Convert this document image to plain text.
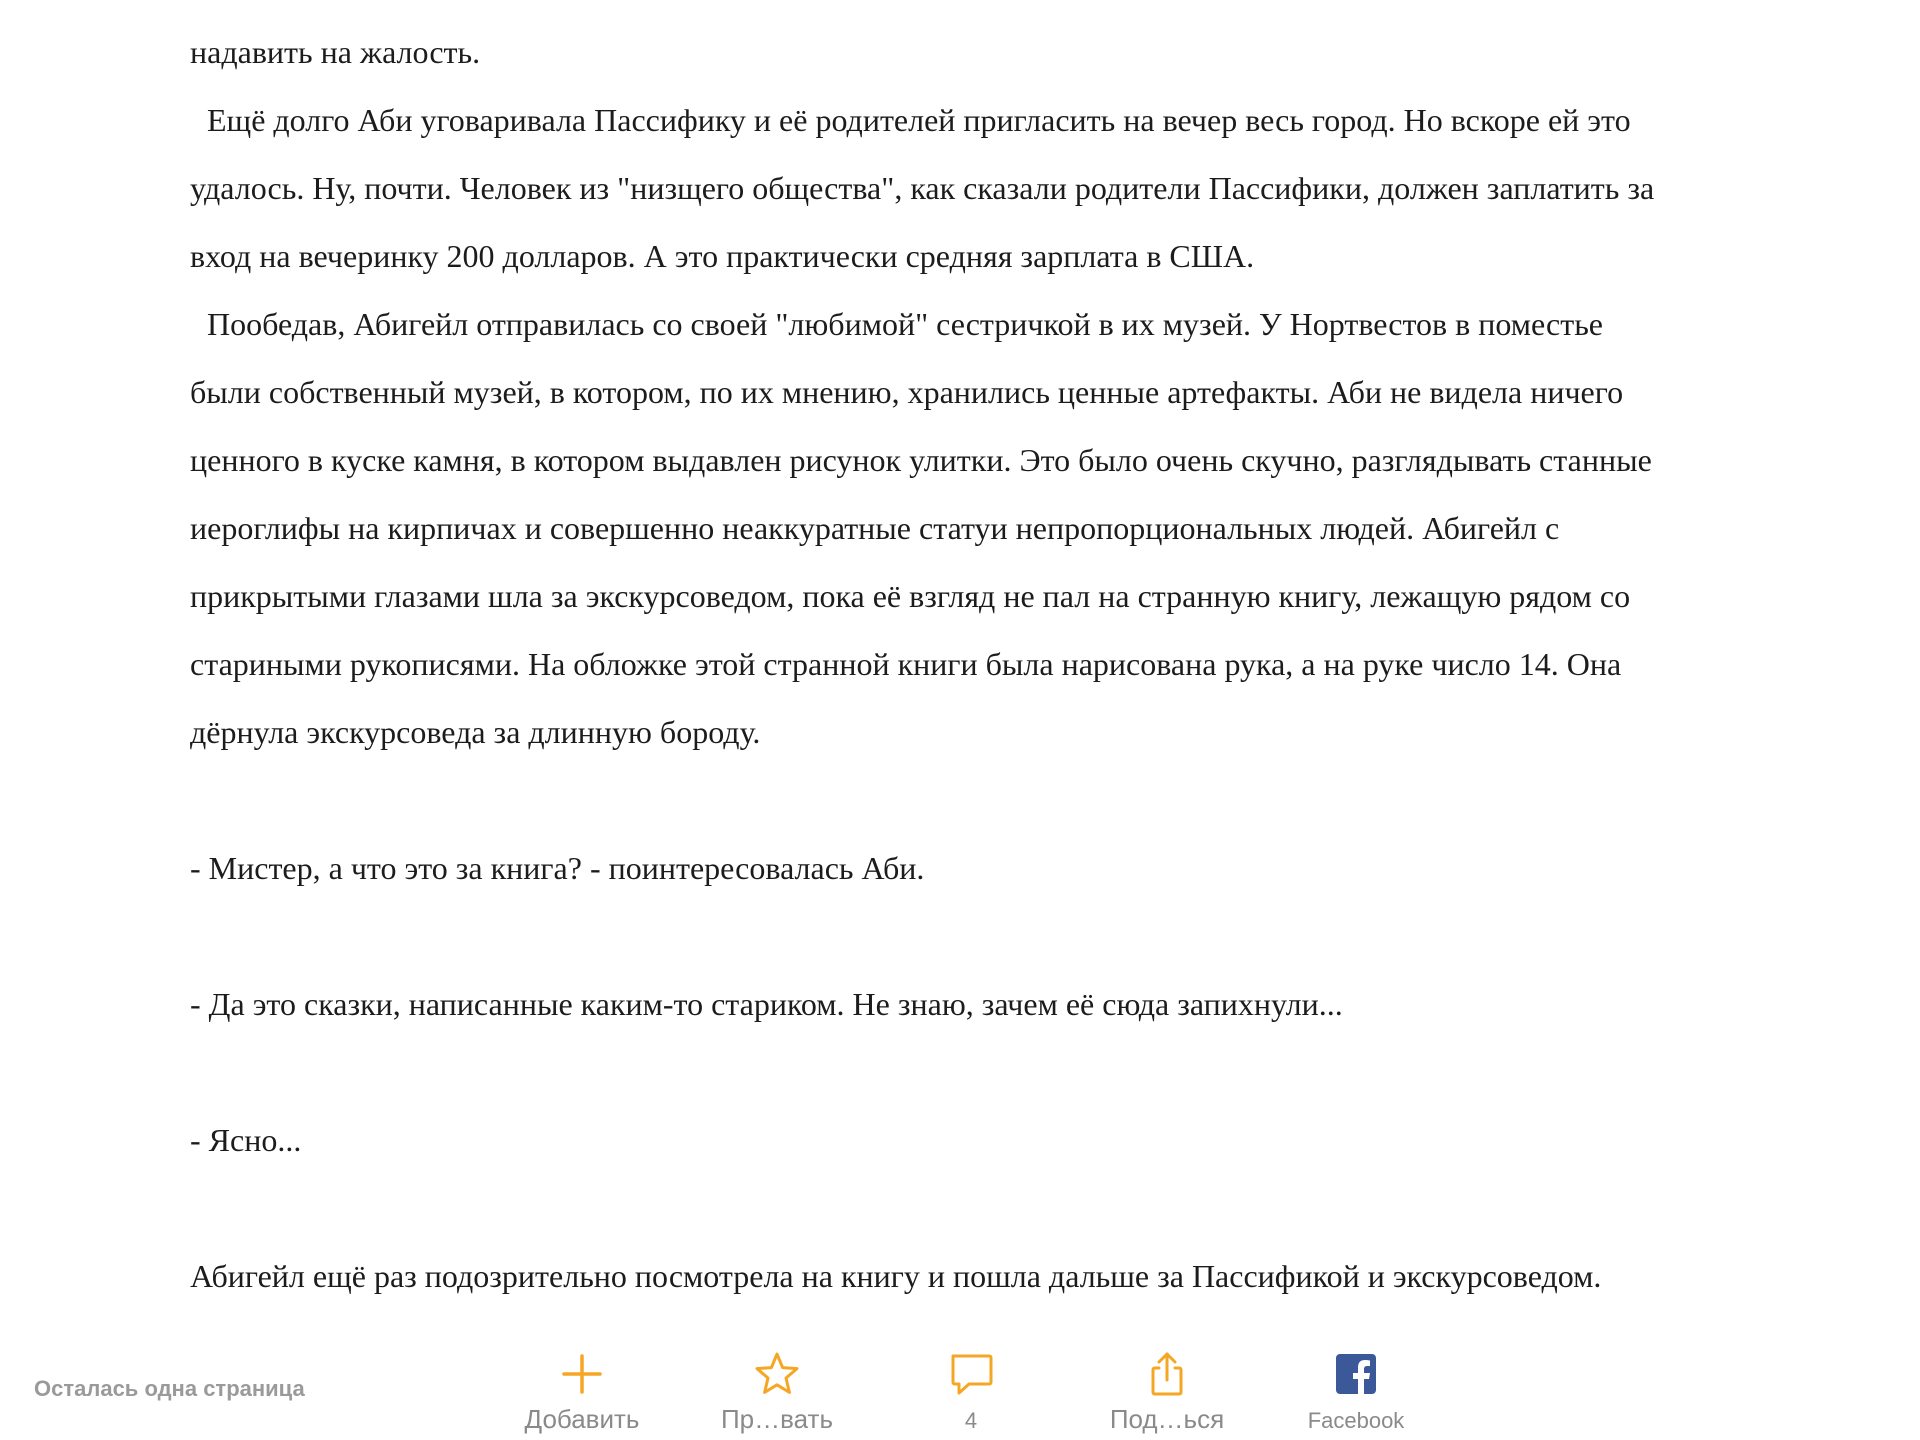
надавить на жалость.
Ещё долго Аби уговаривала Пассифику и её родителей пригласить на вечер весь город. Но вскоре ей это
удалось. Ну, почти. Человек из "низщего общества", как сказали родители Пассифики, должен заплатить за
вход на вечеринку 200 долларов. А это практически средняя зарплата в США.
Пообедав, Абигейл отправилась со своей "любимой" сестричкой в их музей. У Нортвестов в поместье
были собственный музей, в котором, по их мнению, хранились ценные артефакты. Аби не видела ничего
ценного в куске камня, в котором выдавлен рисунок улитки. Это было очень скучно, разглядывать станные
иероглифы на кирпичах и совершенно неаккуратные статуи непропорциональных людей. Абигейл с
прикрытыми глазами шла за экскурсоведом, пока её взгляд не пал на странную книгу, лежащую рядом со
стариными рукописями. На обложке этой странной книги была нарисована рука, а на руке число 14. Она
дёрнула экскурсоведа за длинную бороду.
- Мистер, а что это за книга? - поинтересовалась Аби.
- Да это сказки, написанные каким-то стариком. Не знаю, зачем её сюда запихнули...
- Ясно...
Абигейл ещё раз подозрительно посмотрела на книгу и пошла дальше за Пассификой и экскурсоведом.
Осталась одна страница
Добавить	Пр…вать	4	Под…ься	Facebook
